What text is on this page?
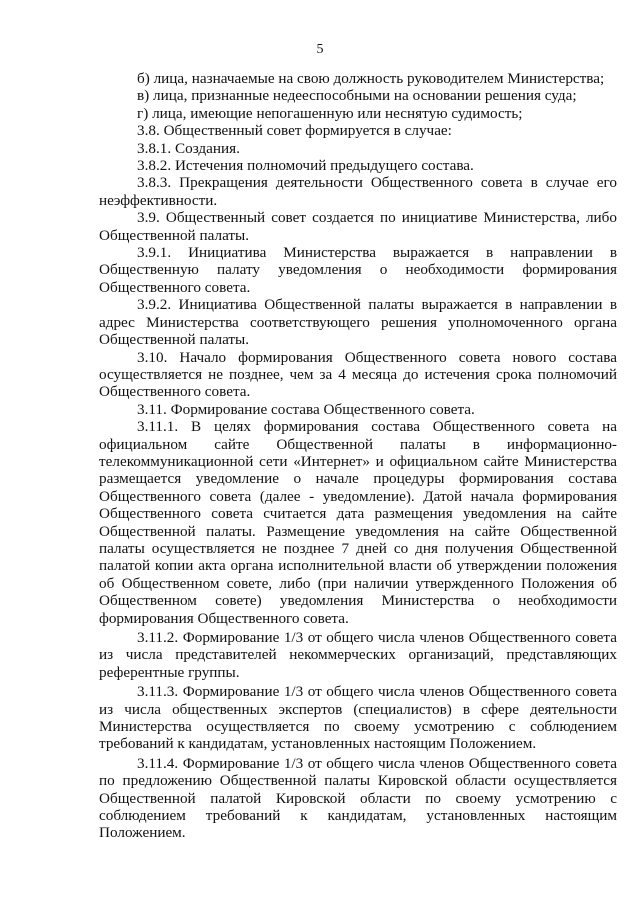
5

б) лица, назначаемые на свою должность руководителем Министерства;

в) лица, признанные недееспособными на основании решения суда;

г) лица, имеющие непогашенную или неснятую судимость;

3.8. Общественный совет формируется в случае:

3.8.1. Создания.

3.8.2. Истечения полномочий предыдущего состава.

3.8.3. Прекращения деятельности Общественного совета в случае его неэффективности.

3.9. Общественный совет создается по инициативе Министерства, либо Общественной палаты.

3.9.1. Инициатива Министерства выражается в направлении в Общественную палату уведомления о необходимости формирования Общественного совета.

3.9.2. Инициатива Общественной палаты выражается в направлении в адрес Министерства соответствующего решения уполномоченного органа Общественной палаты.

3.10. Начало формирования Общественного совета нового состава осуществляется не позднее, чем за 4 месяца до истечения срока полномочий Общественного совета.

3.11. Формирование состава Общественного совета.

3.11.1. В целях формирования состава Общественного совета на официальном сайте Общественной палаты в информационно-телекоммуникационной сети «Интернет» и официальном сайте Министерства размещается уведомление о начале процедуры формирования состава Общественного совета (далее - уведомление). Датой начала формирования Общественного совета считается дата размещения уведомления на сайте Общественной палаты. Размещение уведомления на сайте Общественной палаты осуществляется не позднее 7 дней со дня получения Общественной палатой копии акта органа исполнительной власти об утверждении положения об Общественном совете, либо (при наличии утвержденного Положения об Общественном совете) уведомления Министерства о необходимости формирования Общественного совета.

3.11.2. Формирование 1/3 от общего числа членов Общественного совета из числа представителей некоммерческих организаций, представляющих референтные группы.

3.11.3. Формирование 1/3 от общего числа членов Общественного совета из числа общественных экспертов (специалистов) в сфере деятельности Министерства осуществляется по своему усмотрению с соблюдением требований к кандидатам, установленных настоящим Положением.

3.11.4. Формирование 1/3 от общего числа членов Общественного совета по предложению Общественной палаты Кировской области осуществляется Общественной палатой Кировской области по своему усмотрению с соблюдением требований к кандидатам, установленных настоящим Положением.
